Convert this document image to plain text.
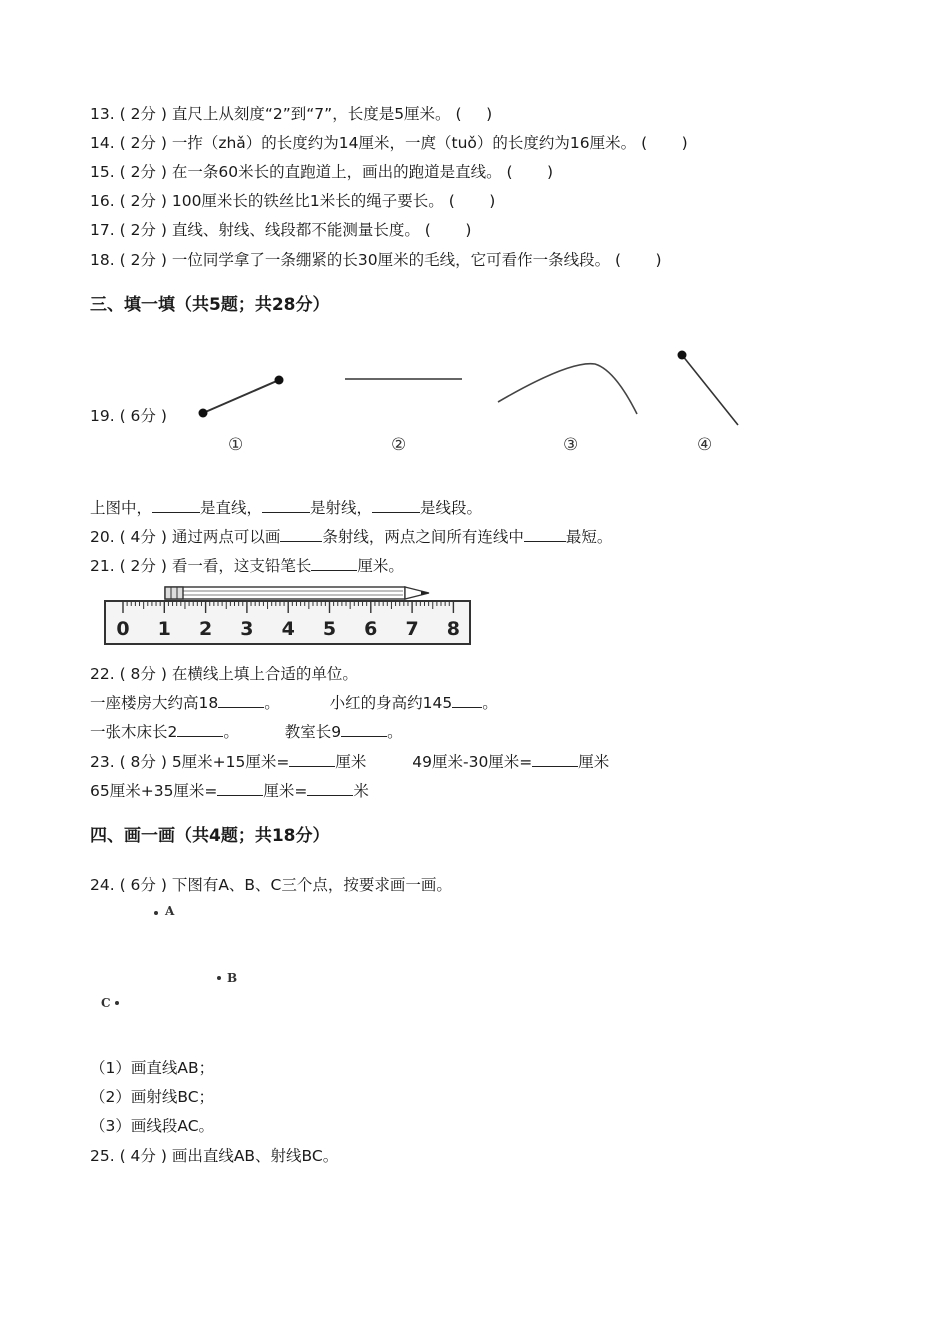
13. ( 2分 ) 直尺上从刻度“2”到“7”，长度是5厘米。 (     )
14. ( 2分 ) 一拃（zhǎ）的长度约为14厘米，一庹（tuǒ）的长度约为16厘米。 (       )
15. ( 2分 ) 在一条60米长的直跑道上，画出的跑道是直线。 (       )
16. ( 2分 ) 100厘米长的铁丝比1米长的绳子要长。 (       )
17. ( 2分 ) 直线、射线、线段都不能测量长度。 (       )
18. ( 2分 ) 一位同学拿了一条绷紧的长30厘米的毛线，它可看作一条线段。 (       )
三、填一填（共5题；共28分）
19. ( 6分 )
①	②	③	④
上图中，	是直线，	是射线，	是线段。
20. ( 4分 ) 通过两点可以画	条射线，两点之间所有连线中	最短。
21. ( 2分 ) 看一看，这支铅笔长	厘米。
0 1 2 3 4 5 6 7 8
22. ( 8分 ) 在横线上填上合适的单位。
一座楼房大约高18	。	小红的身高约145 。
一张木床长2	。	教室长9	。
23. ( 8分 ) 5厘米+15厘米=	厘米	49厘米-30厘米=	厘米
65厘米+35厘米=	厘米=	米
四、画一画（共4题；共18分）
24. ( 6分 ) 下图有A、B、C三个点，按要求画一画。
A
B
C
（1）画直线AB；
（2）画射线BC；
（3）画线段AC。
25. ( 4分 ) 画出直线AB、射线BC。
